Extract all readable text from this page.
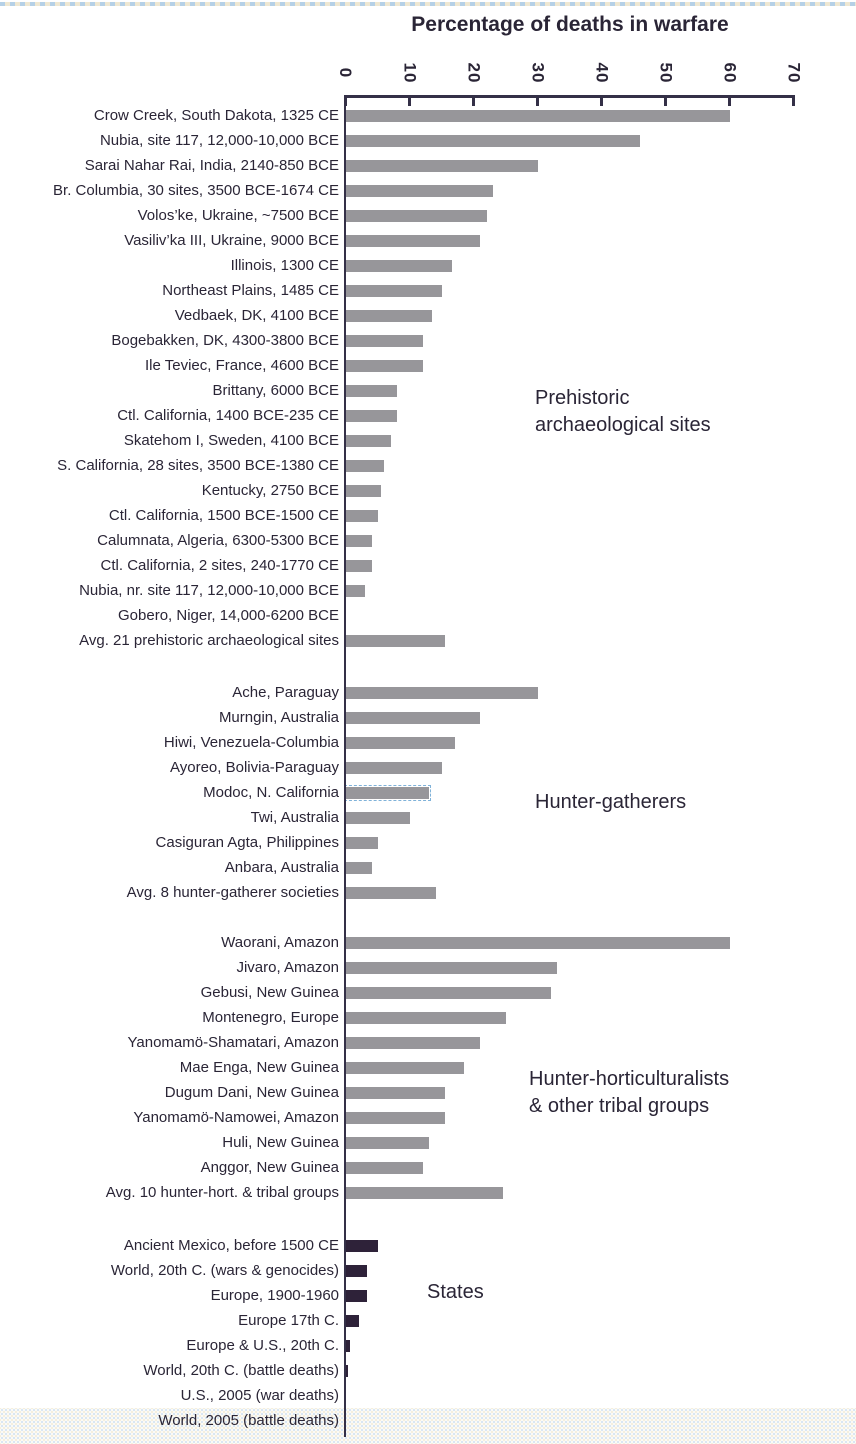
Percentage of deaths in warfare
0	10	20	30	40	50	60	70
Prehistoric
archaeological sites
Crow Creek, South Dakota, 1325 CE
Nubia, site 117, 12,000-10,000 BCE
Sarai Nahar Rai, India, 2140-850 BCE
Br. Columbia, 30 sites, 3500 BCE-1674 CE
Volos’ke, Ukraine, ~7500 BCE
Vasiliv’ka III, Ukraine, 9000 BCE
Illinois, 1300 CE
Northeast Plains, 1485 CE
Vedbaek, DK, 4100 BCE
Bogebakken, DK, 4300-3800 BCE
Ile Teviec, France, 4600 BCE
Brittany, 6000 BCE
Ctl. California, 1400 BCE-235 CE
Skatehom I, Sweden, 4100 BCE
S. California, 28 sites, 3500 BCE-1380 CE
Kentucky, 2750 BCE
Ctl. California, 1500 BCE-1500 CE
Calumnata, Algeria, 6300-5300 BCE
Ctl. California, 2 sites, 240-1770 CE
Nubia, nr. site 117, 12,000-10,000 BCE
Gobero, Niger, 14,000-6200 BCE
Avg. 21 prehistoric archaeological sites
Hunter-gatherers
Ache, Paraguay
Murngin, Australia
Hiwi, Venezuela-Columbia
Ayoreo, Bolivia-Paraguay
Modoc, N. California
Twi, Australia
Casiguran Agta, Philippines
Anbara, Australia
Avg. 8 hunter-gatherer societies
Hunter-horticulturalists
& other tribal groups
Waorani, Amazon
Jivaro, Amazon
Gebusi, New Guinea
Montenegro, Europe
Yanomamö-Shamatari, Amazon
Mae Enga, New Guinea
Dugum Dani, New Guinea
Yanomamö-Namowei, Amazon
Huli, New Guinea
Anggor, New Guinea
Avg. 10 hunter-hort. & tribal groups
States
Ancient Mexico, before 1500 CE
World, 20th C. (wars & genocides)
Europe, 1900-1960
Europe 17th C.
Europe & U.S., 20th C.
World, 20th C. (battle deaths)
U.S., 2005 (war deaths)
World, 2005 (battle deaths)
